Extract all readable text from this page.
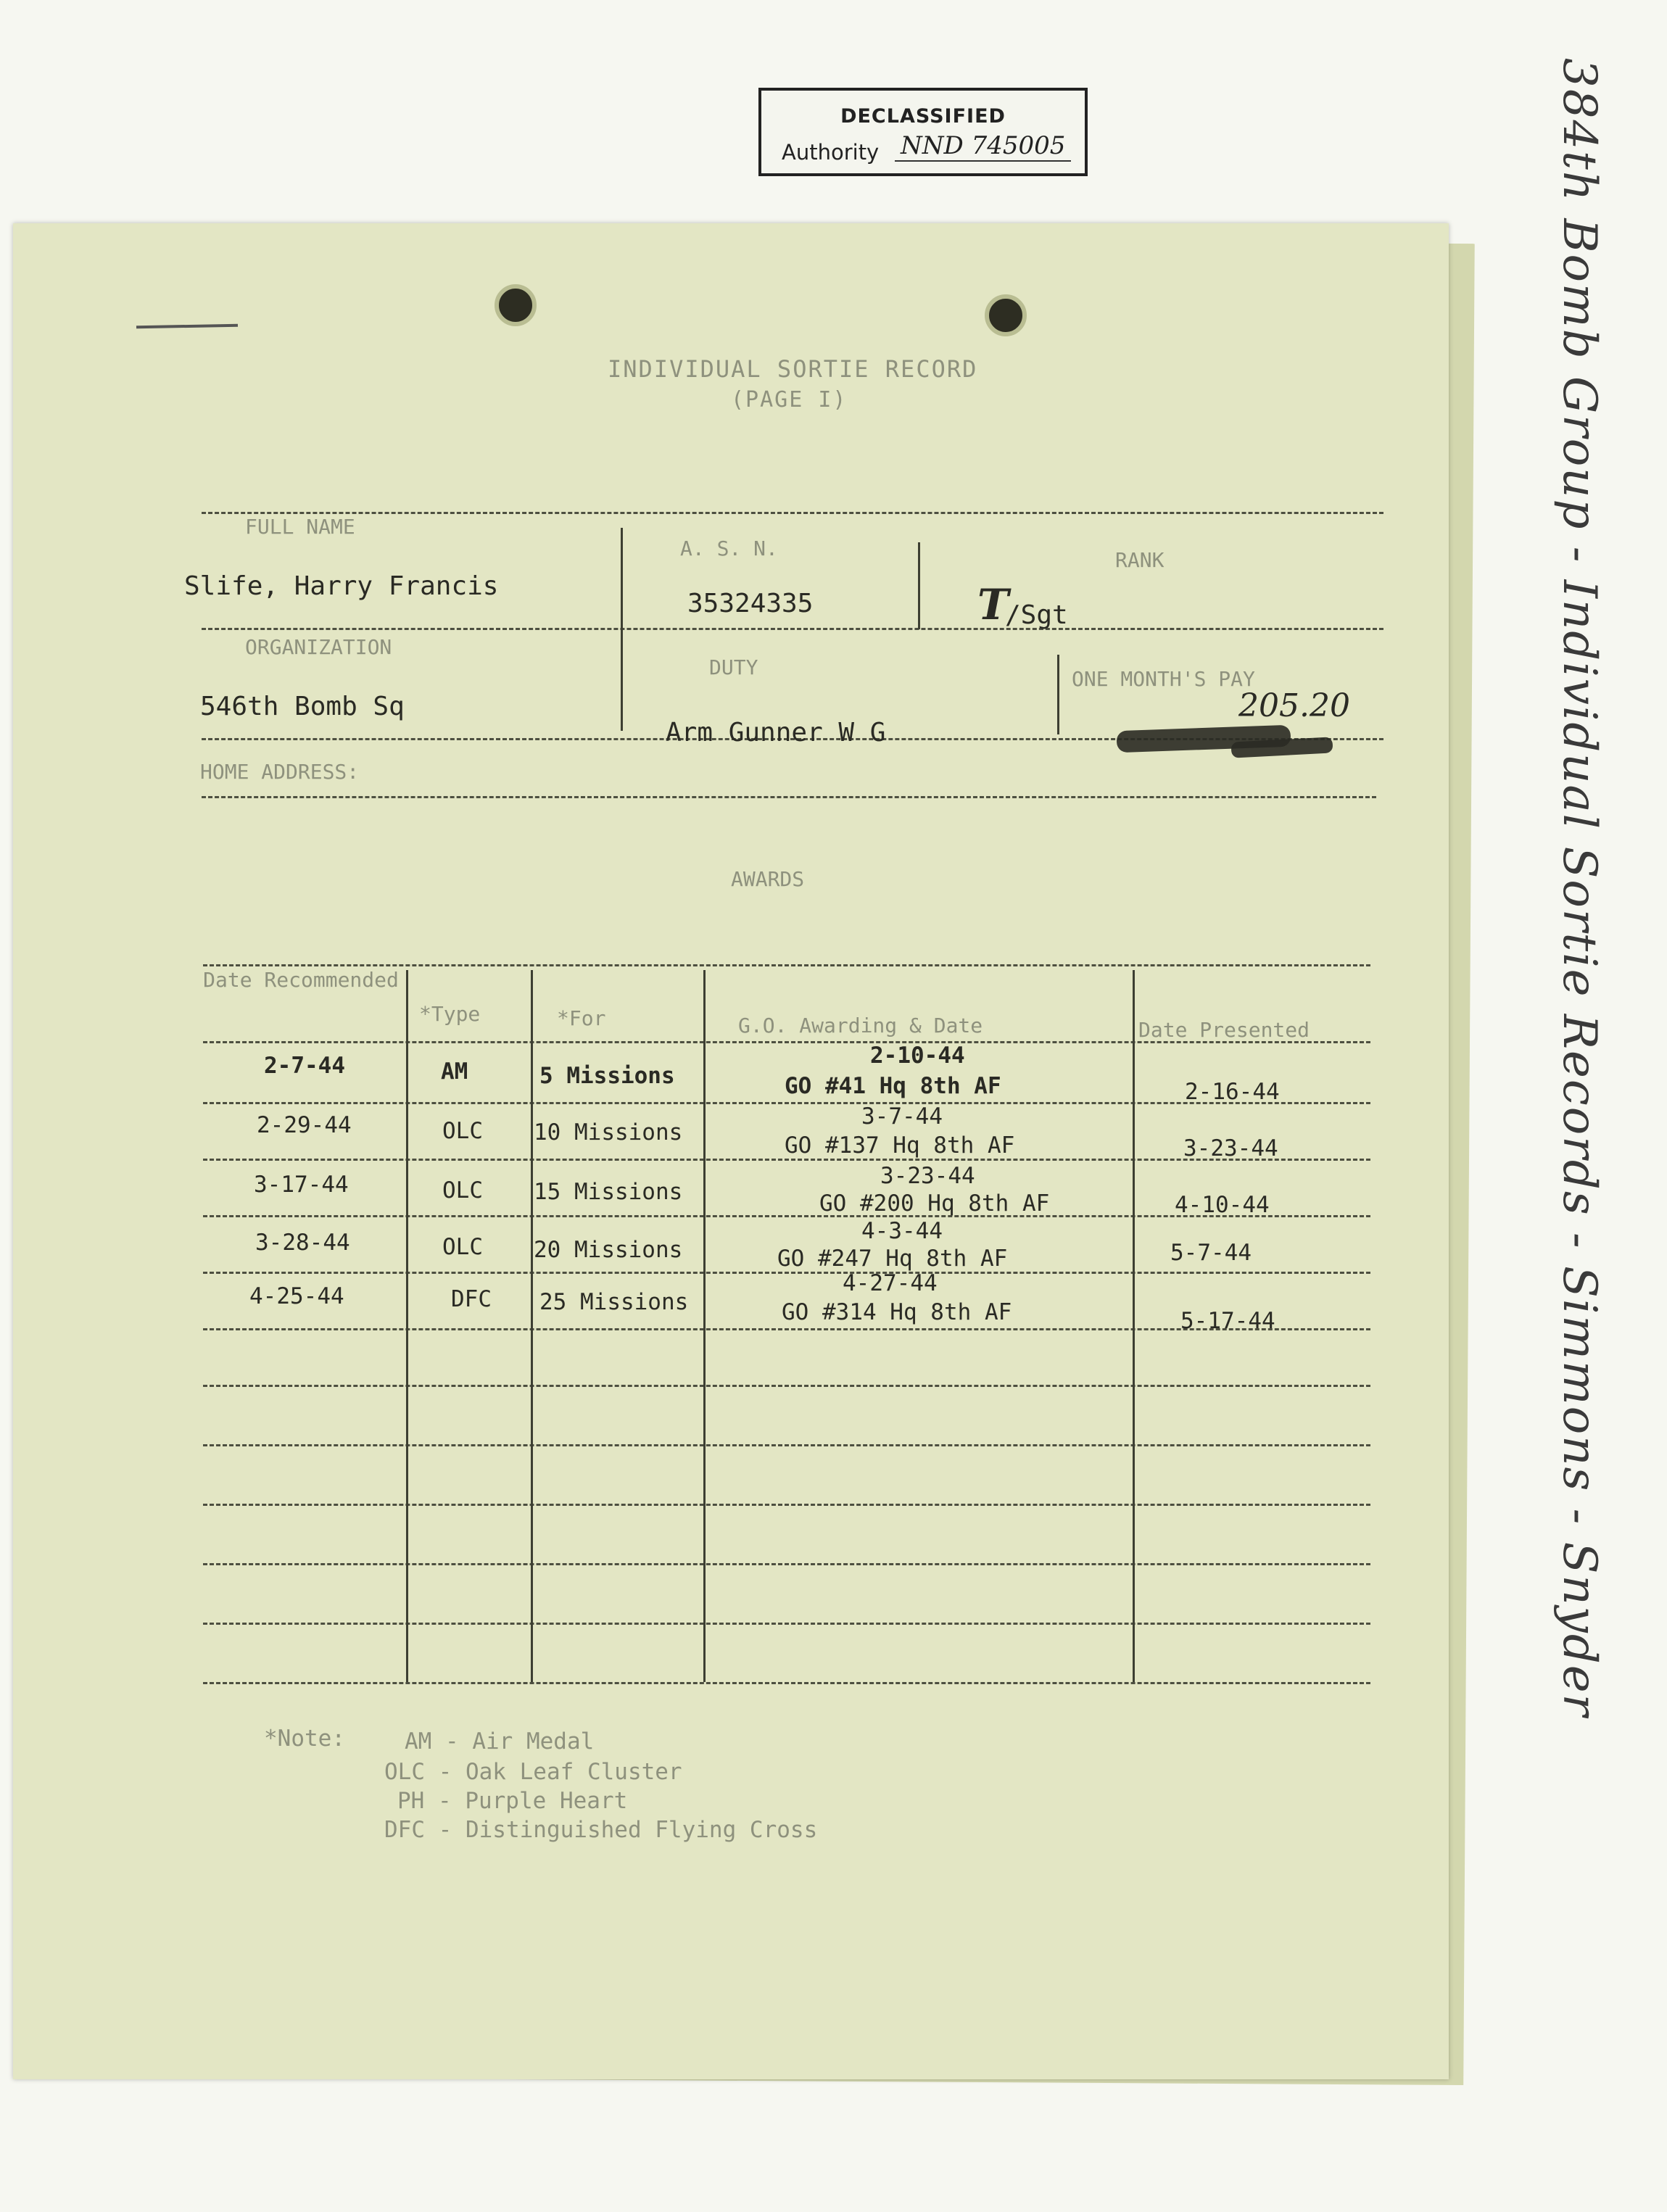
DECLASSIFIED
Authority NND 745005	384th Bomb Group - Individual Sortie Records - Simmons - Snyder
INDIVIDUAL SORTIE RECORD
(PAGE I)
FULL NAME
A. S. N.	RANK
Slife, Harry Francis
35324335	T
/Sgt
ORGANIZATION
DUTY	ONE MONTH'S PAY
546th Bomb Sq
Arm Gunner W G
205.20
HOME ADDRESS:
AWARDS
Date Recommended
*Type	*For	G.O. Awarding & Date	Date Presented
2-7-44	AM	5 Missions
2-10-44
GO #41 Hq 8th AF	2-16-44
2-29-44	OLC 10 Missions
3-7-44
GO #137 Hq 8th AF	3-23-44
3-17-44	OLC 15 Missions
3-23-44
GO #200 Hq 8th AF	4-10-44
3-28-44	OLC 20 Missions
4-3-44
GO #247 Hq 8th AF	5-7-44
4-25-44	DFC 25 Missions
4-27-44
GO #314 Hq 8th AF	5-17-44
*Note:	AM - Air Medal
OLC - Oak Leaf Cluster
PH - Purple Heart
DFC - Distinguished Flying Cross
